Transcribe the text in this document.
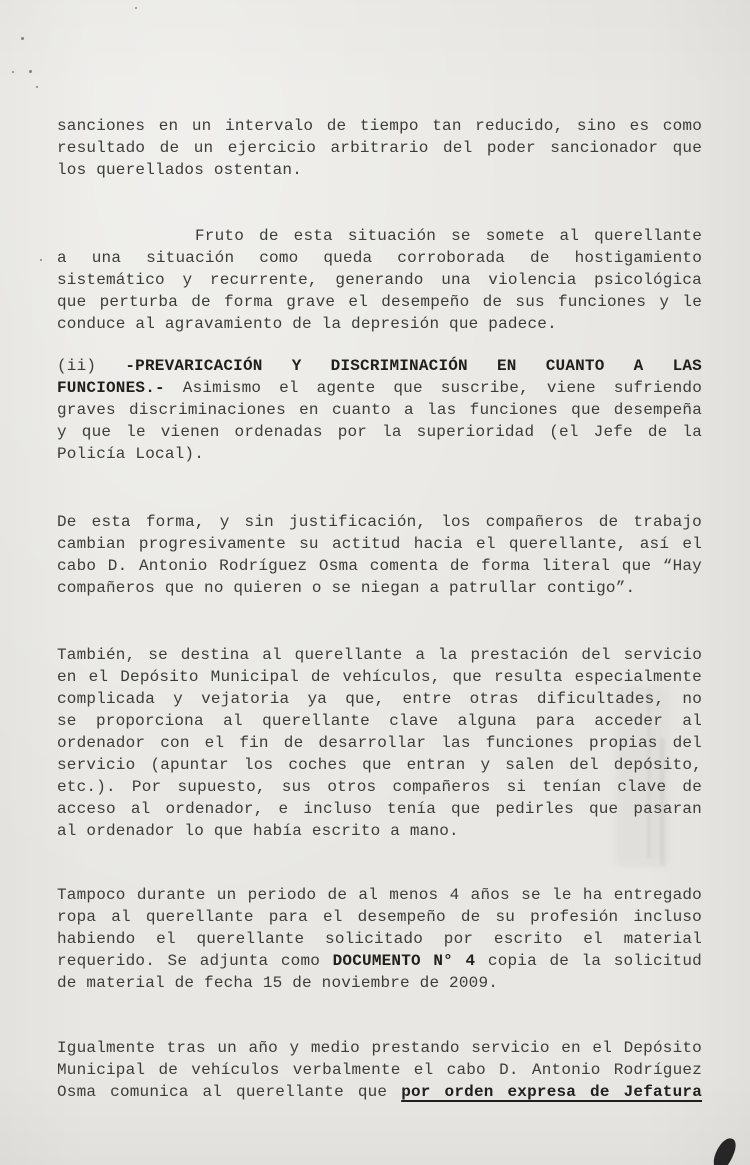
sanciones en un intervalo de tiempo tan reducido, sino es como
resultado de un ejercicio arbitrario del poder sancionador que
los querellados ostentan.
Fruto de esta situación se somete al querellante
a una situación como queda corroborada de hostigamiento
sistemático y recurrente, generando una violencia psicológica
que perturba de forma grave el desempeño de sus funciones y le
conduce al agravamiento de la depresión que padece.
(ii) -PREVARICACIÓN Y DISCRIMINACIÓN EN CUANTO A LAS
FUNCIONES.- Asimismo el agente que suscribe, viene sufriendo
graves discriminaciones en cuanto a las funciones que desempeña
y que le vienen ordenadas por la superioridad (el Jefe de la
Policía Local).
De esta forma, y sin justificación, los compañeros de trabajo
cambian progresivamente su actitud hacia el querellante, así el
cabo D. Antonio Rodríguez Osma comenta de forma literal que “Hay
compañeros que no quieren o se niegan a patrullar contigo”.
También, se destina al querellante a la prestación del servicio
en el Depósito Municipal de vehículos, que resulta especialmente
complicada y vejatoria ya que, entre otras dificultades, no
se proporciona al querellante clave alguna para acceder al
ordenador con el fin de desarrollar las funciones propias del
servicio (apuntar los coches que entran y salen del depósito,
etc.). Por supuesto, sus otros compañeros si tenían clave de
acceso al ordenador, e incluso tenía que pedirles que pasaran
al ordenador lo que había escrito a mano.
Tampoco durante un periodo de al menos 4 años se le ha entregado
ropa al querellante para el desempeño de su profesión incluso
habiendo el querellante solicitado por escrito el material
requerido. Se adjunta como DOCUMENTO N° 4 copia de la solicitud
de material de fecha 15 de noviembre de 2009.
Igualmente tras un año y medio prestando servicio en el Depósito
Municipal de vehículos verbalmente el cabo D. Antonio Rodríguez
Osma comunica al querellante que por orden expresa de Jefatura
